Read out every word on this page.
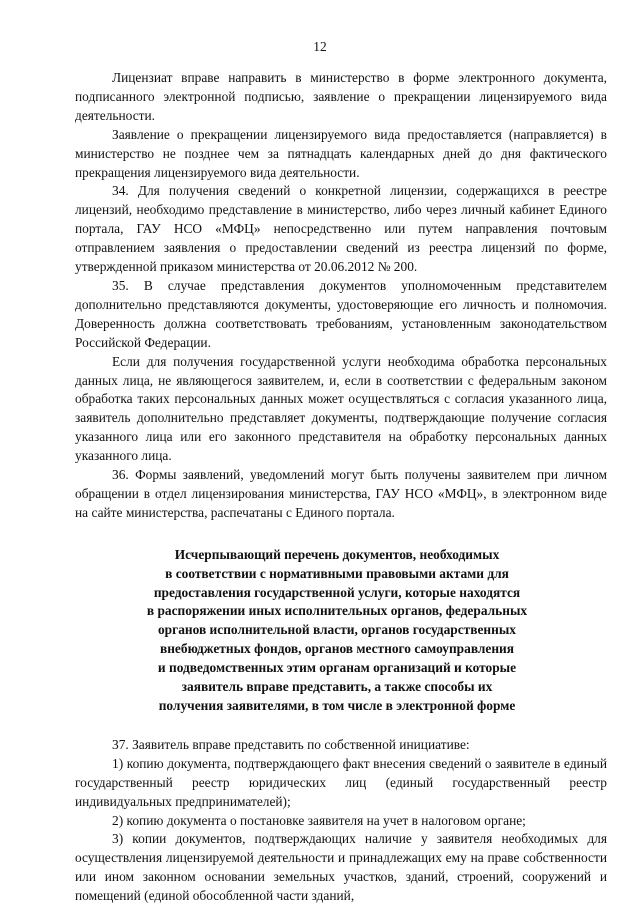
12

Лицензиат вправе направить в министерство в форме электронного документа, подписанного электронной подписью, заявление о прекращении лицензируемого вида деятельности.

Заявление о прекращении лицензируемого вида предоставляется (направляется) в министерство не позднее чем за пятнадцать календарных дней до дня фактического прекращения лицензируемого вида деятельности.

34. Для получения сведений о конкретной лицензии, содержащихся в реестре лицензий, необходимо представление в министерство, либо через личный кабинет Единого портала, ГАУ НСО «МФЦ» непосредственно или путем направления почтовым отправлением заявления о предоставлении сведений из реестра лицензий по форме, утвержденной приказом министерства от 20.06.2012 № 200.

35. В случае представления документов уполномоченным представителем дополнительно представляются документы, удостоверяющие его личность и полномочия. Доверенность должна соответствовать требованиям, установленным законодательством Российской Федерации.

Если для получения государственной услуги необходима обработка персональных данных лица, не являющегося заявителем, и, если в соответствии с федеральным законом обработка таких персональных данных может осуществляться с согласия указанного лица, заявитель дополнительно представляет документы, подтверждающие получение согласия указанного лица или его законного представителя на обработку персональных данных указанного лица.

36. Формы заявлений, уведомлений могут быть получены заявителем при личном обращении в отдел лицензирования министерства, ГАУ НСО «МФЦ», в электронном виде на сайте министерства, распечатаны с Единого портала.

Исчерпывающий перечень документов, необходимых
в соответствии с нормативными правовыми актами для
предоставления государственной услуги, которые находятся
в распоряжении иных исполнительных органов, федеральных
органов исполнительной власти, органов государственных
внебюджетных фондов, органов местного самоуправления
и подведомственных этим органам организаций и которые
заявитель вправе представить, а также способы их
получения заявителями, в том числе в электронной форме

37. Заявитель вправе представить по собственной инициативе:

1) копию документа, подтверждающего факт внесения сведений о заявителе в единый государственный реестр юридических лиц (единый государственный реестр индивидуальных предпринимателей);

2) копию документа о постановке заявителя на учет в налоговом органе;

3) копии документов, подтверждающих наличие у заявителя необходимых для осуществления лицензируемой деятельности и принадлежащих ему на праве собственности или ином законном основании земельных участков, зданий, строений, сооружений и помещений (единой обособленной части зданий,
